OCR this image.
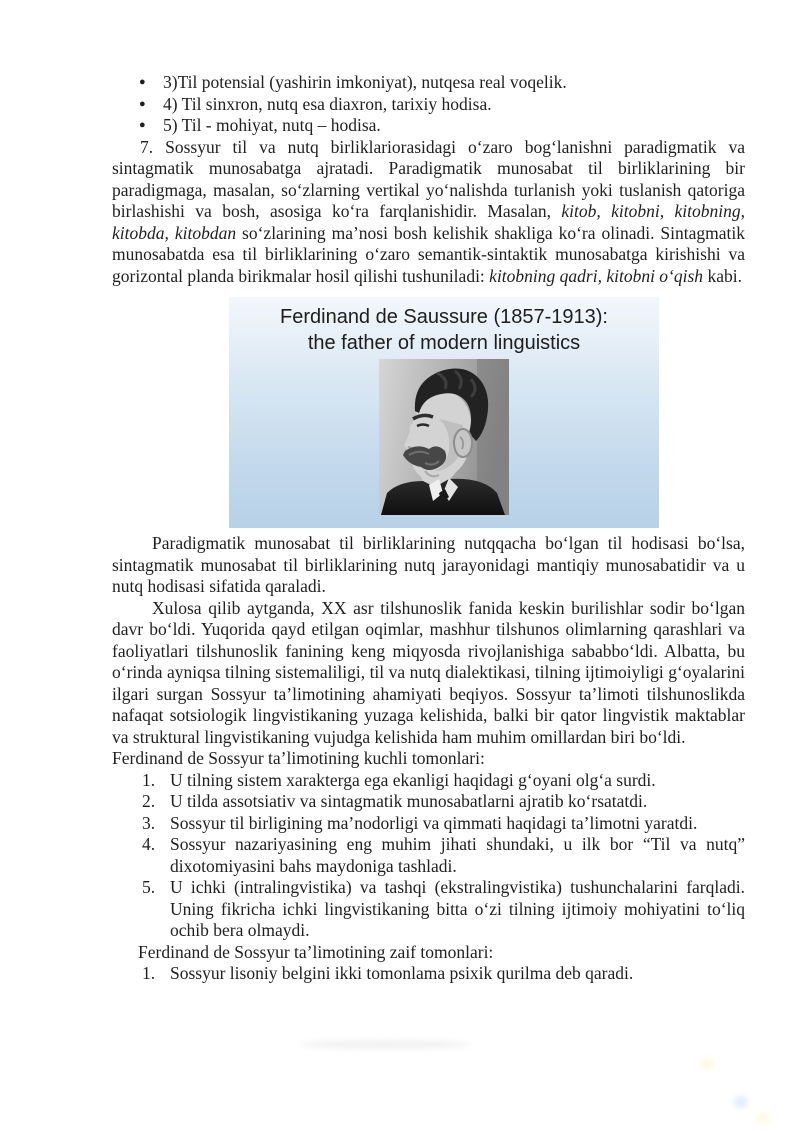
● 3)Til potensial (yashirin imkoniyat), nutqesa real voqelik.
● 4) Til sinxron, nutq esa diaxron, tarixiy hodisa.
● 5) Til - mohiyat, nutq – hodisa.
7. Sossyur til va nutq birliklariorasidagi o‘zaro bog‘lanishni paradigmatik va sintagmatik munosabatga ajratadi. Paradigmatik munosabat til birliklarining bir paradigmaga, masalan, so‘zlarning vertikal yo‘nalishda turlanish yoki tuslanish qatoriga birlashishi va bosh, asosiga ko‘ra farqlanishidir. Masalan, kitob, kitobni, kitobning, kitobda, kitobdan so‘zlarining ma’nosi bosh kelishik shakliga ko‘ra olinadi. Sintagmatik munosabatda esa til birliklarining o‘zaro semantik-sintaktik munosabatga kirishishi va gorizontal planda birikmalar hosil qilishi tushuniladi: kitobning qadri, kitobni o‘qish kabi.
Ferdinand de Saussure (1857-1913):
the father of modern linguistics
Paradigmatik munosabat til birliklarining nutqqacha bo‘lgan til hodisasi bo‘lsa, sintagmatik munosabat til birliklarining nutq jarayonidagi mantiqiy munosabatidir va u nutq hodisasi sifatida qaraladi.
Xulosa qilib aytganda, XX asr tilshunoslik fanida keskin burilishlar sodir bo‘lgan davr bo‘ldi. Yuqorida qayd etilgan oqimlar, mashhur tilshunos olimlarning qarashlari va faoliyatlari tilshunoslik fanining keng miqyosda rivojlanishiga sababbo‘ldi. Albatta, bu o‘rinda ayniqsa tilning sistemaliligi, til va nutq dialektikasi, tilning ijtimoiyligi g‘oyalarini ilgari surgan Sossyur ta’limotining ahamiyati beqiyos. Sossyur ta’limoti tilshunoslikda nafaqat sotsiologik lingvistikaning yuzaga kelishida, balki bir qator lingvistik maktablar va struktural lingvistikaning vujudga kelishida ham muhim omillardan biri bo‘ldi.
Ferdinand de Sossyur ta’limotining kuchli tomonlari:
1. U tilning sistem xarakterga ega ekanligi haqidagi g‘oyani olg‘a surdi.
2. U tilda assotsiativ va sintagmatik munosabatlarni ajratib ko‘rsatatdi.
3. Sossyur til birligining ma’nodorligi va qimmati haqidagi ta’limotni yaratdi.
4. Sossyur nazariyasining eng muhim jihati shundaki, u ilk bor “Til va nutq” dixotomiyasini bahs maydoniga tashladi.
5. U ichki (intralingvistika) va tashqi (ekstralingvistika) tushunchalarini farqladi. Uning fikricha ichki lingvistikaning bitta o‘zi tilning ijtimoiy mohiyatini to‘liq ochib bera olmaydi.
Ferdinand de Sossyur ta’limotining zaif tomonlari:
1. Sossyur lisoniy belgini ikki tomonlama psixik qurilma deb qaradi.
